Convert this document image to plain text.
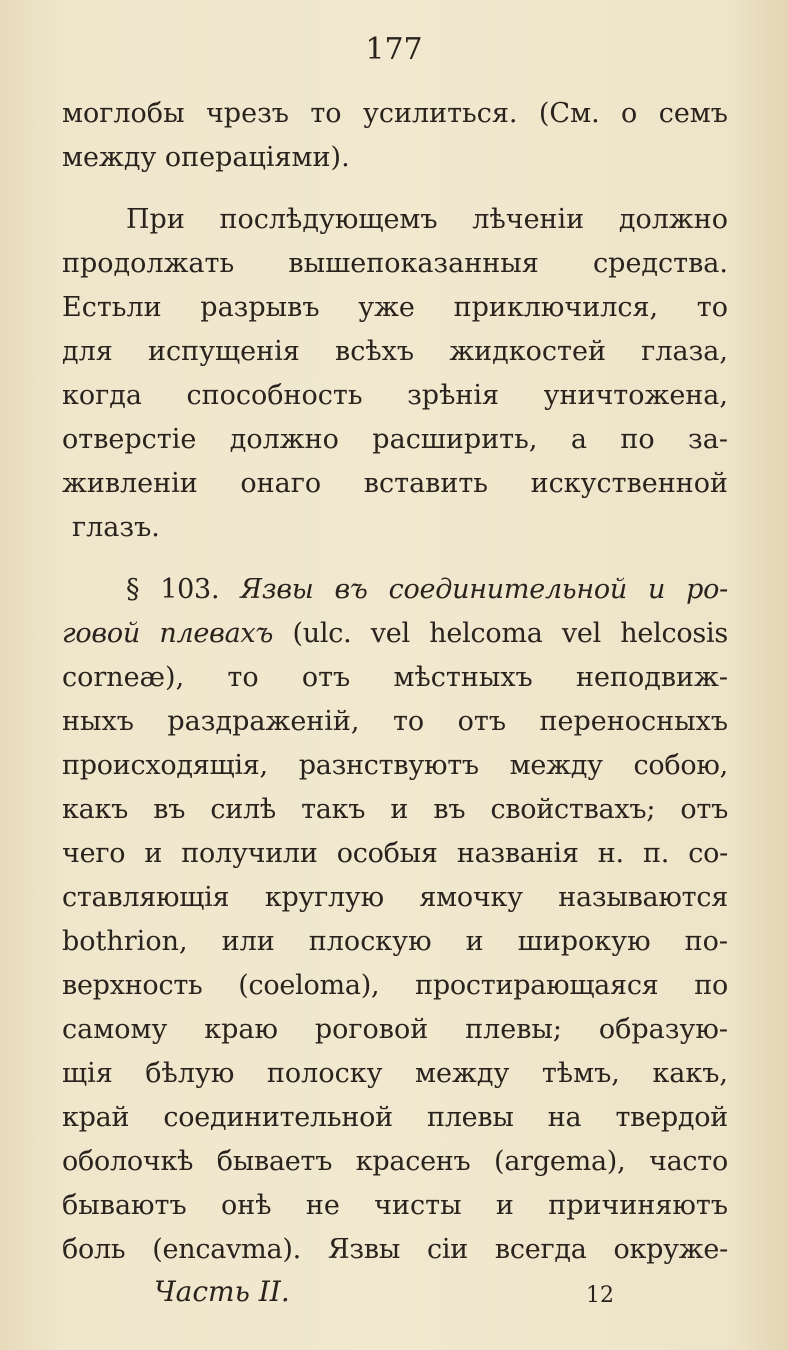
177
моглобы чрезъ то усилиться. (См. о семъ
между операціями).
При послѣдующемъ лѣченіи должно
продолжать вышепоказанныя средства.
Естьли разрывъ уже приключился, то
для испущенія всѣхъ жидкостей глаза,
когда способность зрѣнія уничтожена,
отверстіе должно расширить, а по за-
живленіи онаго вставить искуственной
глазъ.
§ 103. Язвы въ соединительной и ро-
говой плевахъ (ulc. vel helcoma vel helcosis
corneæ), то отъ мѣстныхъ неподвиж-
ныхъ раздраженій, то отъ переносныхъ
происходящія, разнствуютъ между собою,
какъ въ силѣ такъ и въ свойствахъ; отъ
чего и получили особыя названія н. п. со-
ставляющія круглую ямочку называются
bothrion, или плоскую и широкую по-
верхность (coeloma), простирающаяся по
самому краю роговой плевы; образую-
щія бѣлую полоску между тѣмъ, какъ,
край соединительной плевы на твердой
оболочкѣ бываетъ красенъ (argema), часто
бываютъ онѣ не чисты и причиняютъ
боль (encavma). Язвы сіи всегда окруже-
Часть II.	12
